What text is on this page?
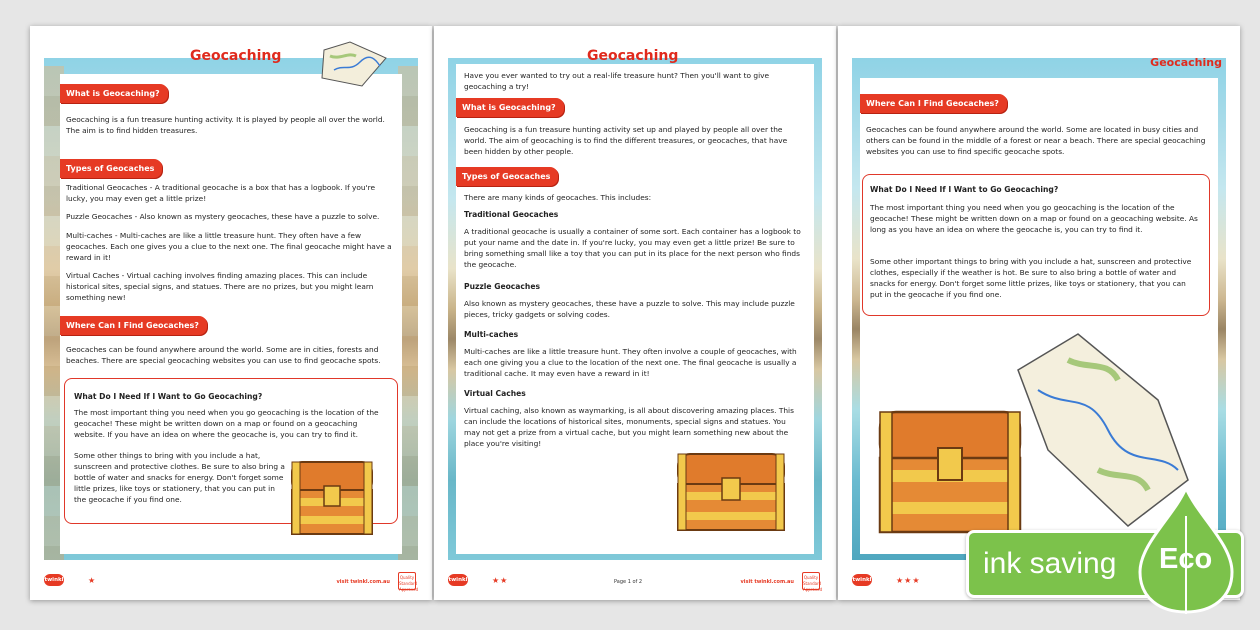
Geocaching
What is Geocaching?
Geocaching is a fun treasure hunting activity. It is played by people all over the world. The aim is to find hidden treasures.
Types of Geocaches
Traditional Geocaches - A traditional geocache is a box that has a logbook. If you're lucky, you may even get a little prize!
Puzzle Geocaches - Also known as mystery geocaches, these have a puzzle to solve.
Multi-caches - Multi-caches are like a little treasure hunt. They often have a few geocaches. Each one gives you a clue to the next one. The final geocache might have a reward in it!
Virtual Caches - Virtual caching involves finding amazing places. This can include historical sites, special signs, and statues. There are no prizes, but you might learn something new!
Where Can I Find Geocaches?
Geocaches can be found anywhere around the world. Some are in cities, forests and beaches. There are special geocaching websites you can use to find geocache spots.
What Do I Need If I Want to Go Geocaching?
The most important thing you need when you go geocaching is the location of the geocache! These might be written down on a map or found on a geocaching website. If you have an idea on where the geocache is, you can try to find it.
Some other things to bring with you include a hat, sunscreen and protective clothes. Be sure to also bring a bottle of water and snacks for energy. Don't forget some little prizes, like toys or stationery, that you can put in the geocache if you find one.
twinkl	★	visit twinkl.com.au
Quality Standard Approved
Geocaching
Have you ever wanted to try out a real-life treasure hunt? Then you'll want to give geocaching a try!
What is Geocaching?
Geocaching is a fun treasure hunting activity set up and played by people all over the world. The aim of geocaching is to find the different treasures, or geocaches, that have been hidden by other people.
Types of Geocaches
There are many kinds of geocaches. This includes:
Traditional Geocaches
A traditional geocache is usually a container of some sort. Each container has a logbook to put your name and the date in. If you're lucky, you may even get a little prize! Be sure to bring something small like a toy that you can put in its place for the next person who finds the geocache.
Puzzle Geocaches
Also known as mystery geocaches, these have a puzzle to solve. This may include puzzle pieces, tricky gadgets or solving codes.
Multi-caches
Multi-caches are like a little treasure hunt. They often involve a couple of geocaches, with each one giving you a clue to the location of the next one. The final geocache is usually a traditional cache. It may even have a reward in it!
Virtual Caches
Virtual caching, also known as waymarking, is all about discovering amazing places. This can include the locations of historical sites, monuments, special signs and statues. You may not get a prize from a virtual cache, but you might learn something new about the place you're visiting!
twinkl	★★	Page 1 of 2	visit twinkl.com.au
Quality Standard Approved
Geocaching
Where Can I Find Geocaches?
Geocaches can be found anywhere around the world. Some are located in busy cities and others can be found in the middle of a forest or near a beach. There are special geocaching websites you can use to find specific geocache spots.
What Do I Need If I Want to Go Geocaching?
The most important thing you need when you go geocaching is the location of the geocache! These might be written down on a map or found on a geocaching website. As long as you have an idea on where the geocache is, you can try to find it.
Some other important things to bring with you include a hat, sunscreen and protective clothes, especially if the weather is hot. Be sure to also bring a bottle of water and snacks for energy. Don't forget some little prizes, like toys or stationery, that you can put in the geocache if you find one.
twinkl	★★★
ink saving Eco
